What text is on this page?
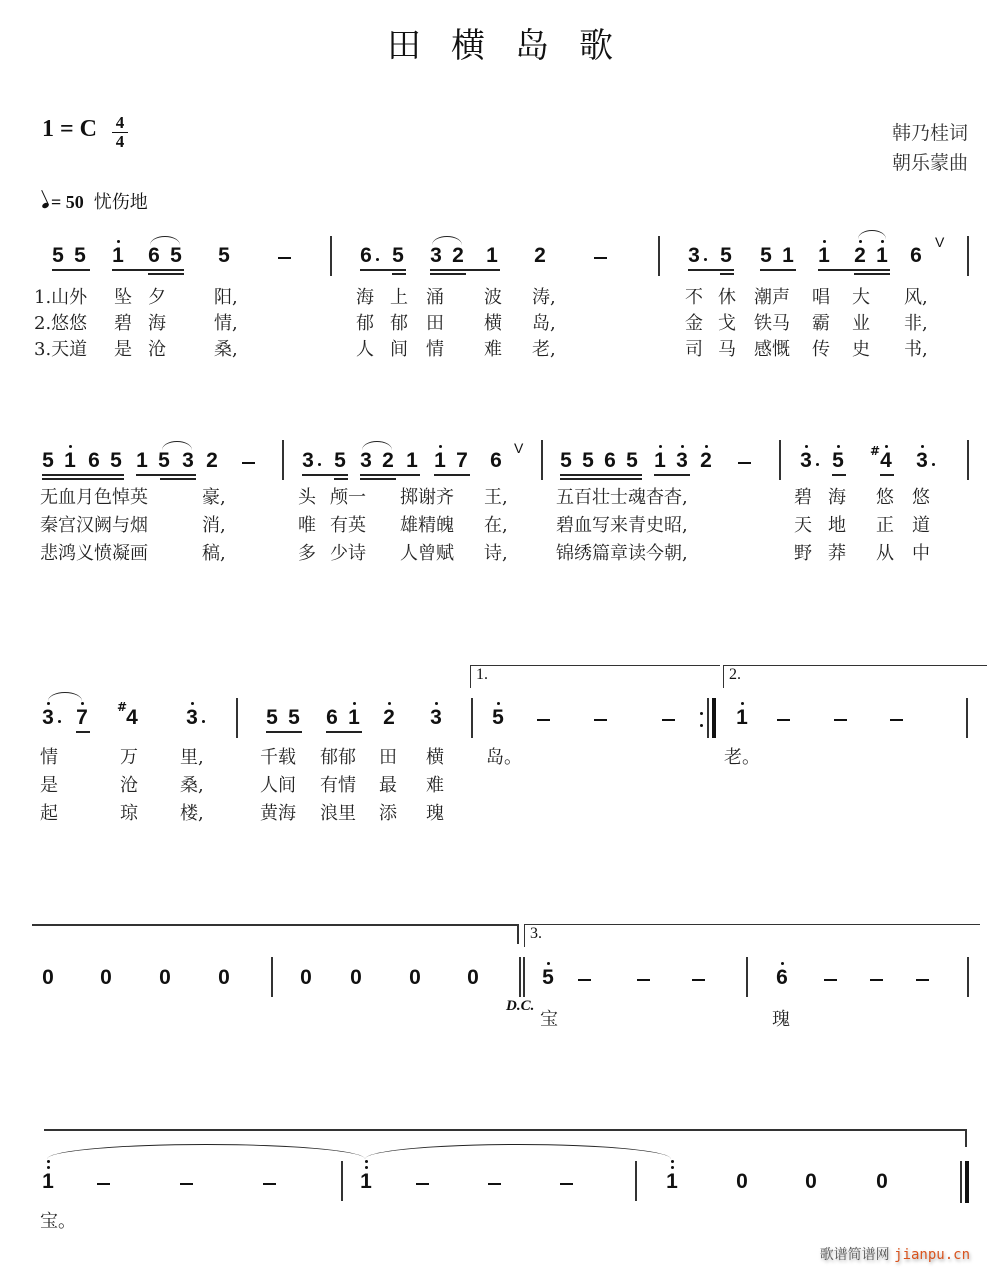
田横岛歌
1 = C $\frac{4}{4}$	韩乃桂词
朝乐蒙曲
= 50 忧伤地
5 5 1 6 5 5	6 5 3 2 1 2	3 5 5 1 1 2 1 6
V
1.山外 坠 夕	阳,	海 上 涌 波 涛,	不 休 潮声 唱 大 风,
2.悠悠 碧 海	情,	郁 郁 田 横 岛,	金 戈 铁马 霸 业 非,
3.天道 是 沧	桑,	人 间 情 难 老,	司 马 感慨 传 史 书,
5 1 6 5 1 5 3 2	3 5 3 2 1 1 7 6
V
5 5 6 5 1 3 2	3 5 # 4 3
无血月色悼英	豪,	头 颅一 掷谢齐 王,	五百壮士魂杳杳,	碧 海 悠 悠
秦宫汉阙与烟	消,	唯 有英 雄精魄 在,	碧血写来青史昭,	天 地 正 道
悲鸿义愤凝画	稿,	多 少诗 人曾赋 诗,	锦绣篇章读今朝,	野 莽 从 中
1.	2.
3 7 # 4 3	5 5 6 1 2 3 5	1
情	万 里,	千载 郁郁 田 横 岛。	老。
是	沧 桑,	人间 有情 最 难
起	琼 楼,	黄海 浪里 添 瑰
3.
0 0 0 0	0 0 0 0
D.C.
5	6
宝	瑰
1	1	1	0	0	0
宝。
歌谱简谱网 jianpu.cn
